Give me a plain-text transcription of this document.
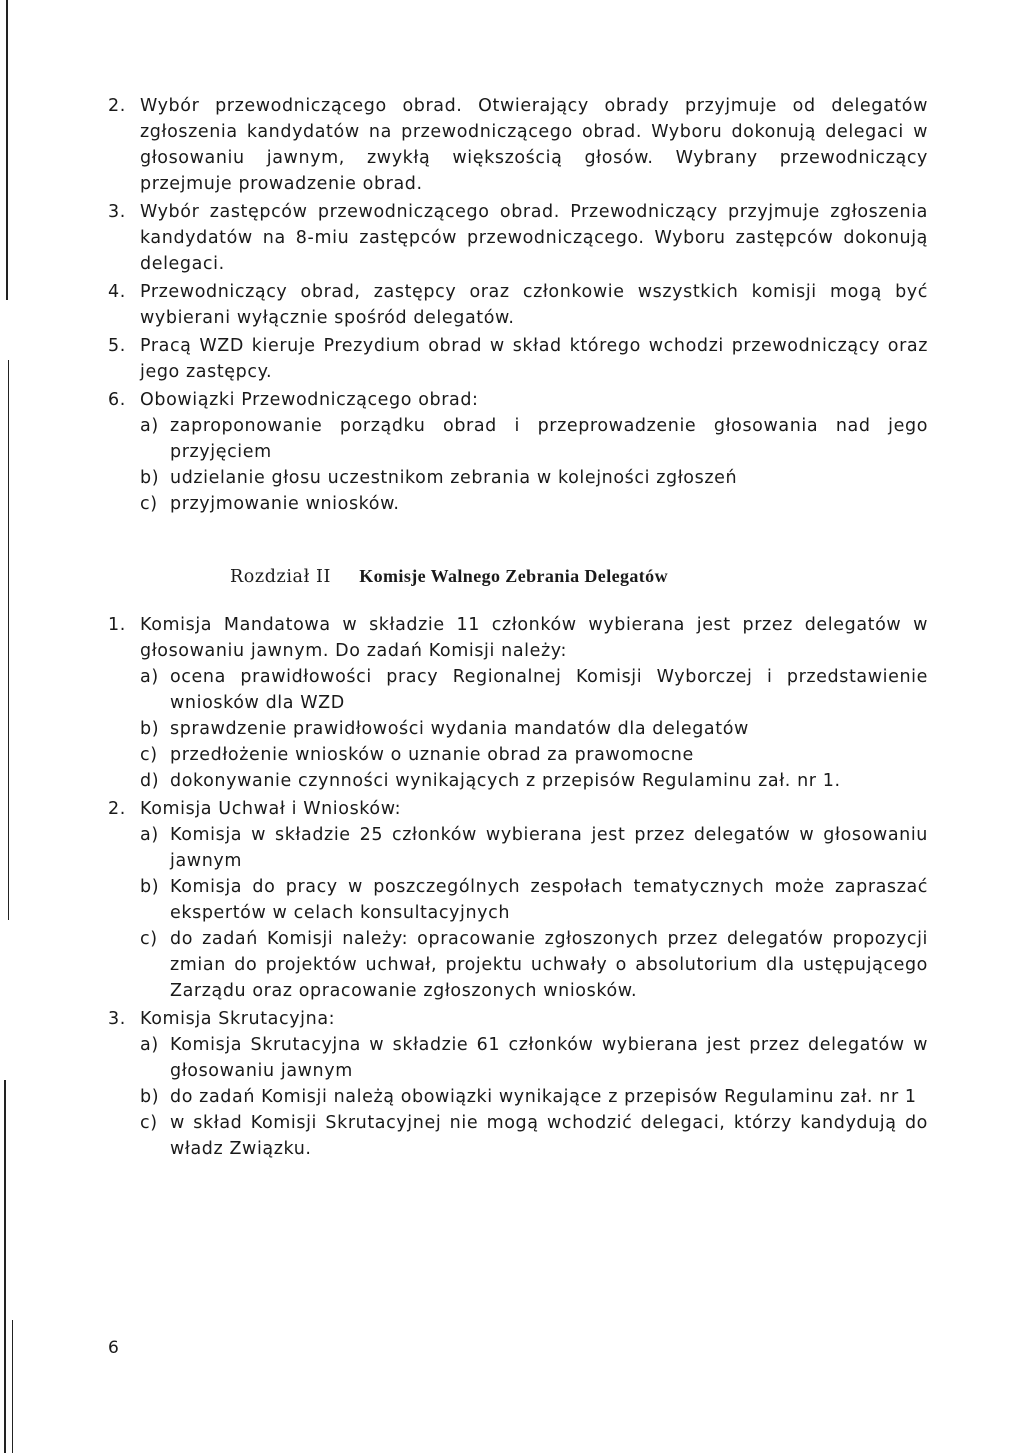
2. Wybór przewodniczącego obrad. Otwierający obrady przyjmuje od delegatów zgłoszenia kandydatów na przewodniczącego obrad. Wyboru dokonują delegaci w głosowaniu jawnym, zwykłą większością głosów. Wybrany przewodniczący przejmuje prowadzenie obrad.
3. Wybór zastępców przewodniczącego obrad. Przewodniczący przyjmuje zgłoszenia kandydatów na 8-miu zastępców przewodniczącego. Wyboru zastępców dokonują delegaci.
4. Przewodniczący obrad, zastępcy oraz członkowie wszystkich komisji mogą być wybierani wyłącznie spośród delegatów.
5. Pracą WZD kieruje Prezydium obrad w skład którego wchodzi przewodniczący oraz jego zastępcy.
6. Obowiązki Przewodniczącego obrad:
a) zaproponowanie porządku obrad i przeprowadzenie głosowania nad jego przyjęciem
b) udzielanie głosu uczestnikom zebrania w kolejności zgłoszeń
c) przyjmowanie wniosków.
Rozdział II Komisje Walnego Zebrania Delegatów
1. Komisja Mandatowa w składzie 11 członków wybierana jest przez delegatów w głosowaniu jawnym. Do zadań Komisji należy:
a) ocena prawidłowości pracy Regionalnej Komisji Wyborczej i przedstawienie wniosków dla WZD
b) sprawdzenie prawidłowości wydania mandatów dla delegatów
c) przedłożenie wniosków o uznanie obrad za prawomocne
d) dokonywanie czynności wynikających z przepisów Regulaminu zał. nr 1.
2. Komisja Uchwał i Wniosków:
a) Komisja w składzie 25 członków wybierana jest przez delegatów w głosowaniu jawnym
b) Komisja do pracy w poszczególnych zespołach tematycznych może zapraszać ekspertów w celach konsultacyjnych
c) do zadań Komisji należy: opracowanie zgłoszonych przez delegatów propozycji zmian do projektów uchwał, projektu uchwały o absolutorium dla ustępującego Zarządu oraz opracowanie zgłoszonych wniosków.
3. Komisja Skrutacyjna:
a) Komisja Skrutacyjna w składzie 61 członków wybierana jest przez delegatów w głosowaniu jawnym
b) do zadań Komisji należą obowiązki wynikające z przepisów Regulaminu zał. nr 1
c) w skład Komisji Skrutacyjnej nie mogą wchodzić delegaci, którzy kandydują do władz Związku.
6
